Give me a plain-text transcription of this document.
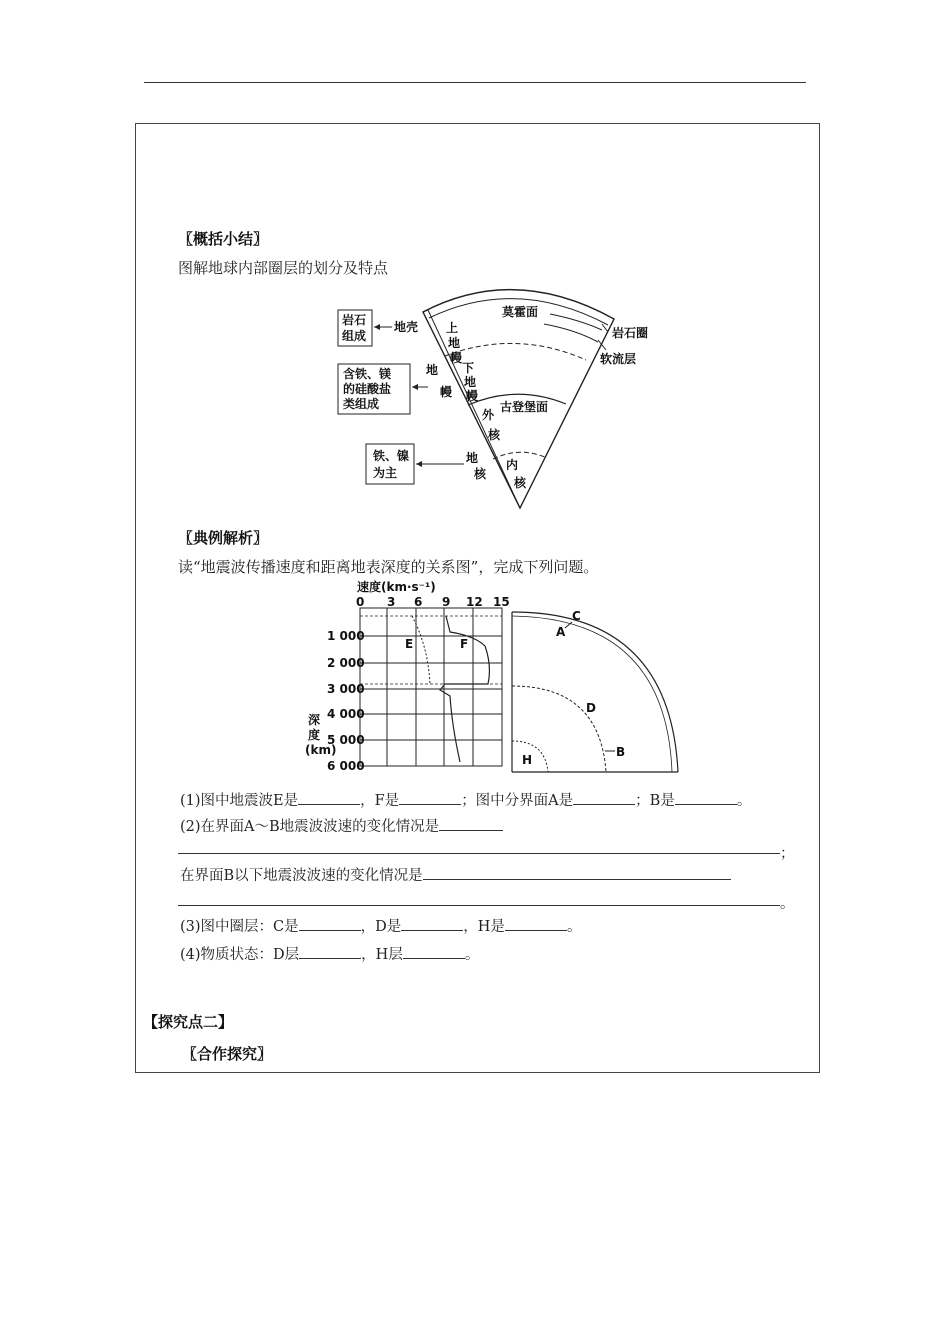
〖概括小结〗
图解地球内部圈层的划分及特点
岩石
组成
含铁、镁
的硅酸盐
类组成
铁、镍
为主
地壳
地
幔
地
核
莫霍面
岩石圈
软流层
上
地
幔
下
地
幔
古登堡面
外
核
内
核
〖典例解析〗
读“地震波传播速度和距离地表深度的关系图”，完成下列问题。
速度(km·s⁻¹)
0 3 6 9 12 15
1 000
2 000
3 000
4 000
5 000
6 000
深
度
(km)
E	F
C
A
D
B
H
(1)图中地震波E是	，F是	；图中分界面A是	；B是	。
(2)在界面A～B地震波波速的变化情况是
；
在界面B以下地震波波速的变化情况是
。
(3)图中圈层：C是	，D是	，H是	。
(4)物质状态：D层	，H层	。
【探究点二】
〖合作探究〗
